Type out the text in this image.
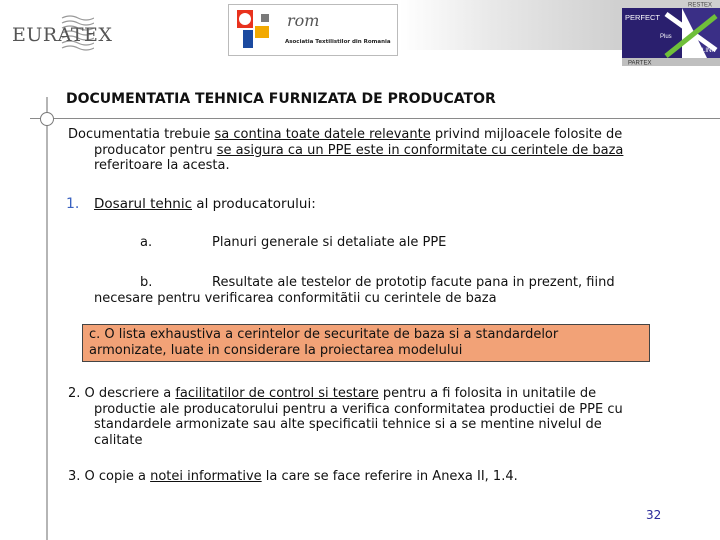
EURATEX
rom
Asociatia Textilistilor din Romania
RESTEX
PERFECT
Plus
LINK
PARTEX
DOCUMENTATIA TEHNICA FURNIZATA DE PRODUCATOR
Documentatia trebuie sa contina toate datele relevante privind mijloacele folosite de
producator pentru se asigura ca un PPE este in conformitate cu cerintele de baza
referitoare la acesta.
1. Dosarul tehnic al producatorului:
a.	Planuri generale si detaliate ale PPE
b.	Resultate ale testelor de prototip facute pana in prezent, fiind
necesare pentru verificarea conformitãtii cu cerintele de baza
c. O lista exhaustiva a cerintelor de securitate de baza si a standardelor
armonizate, luate in considerare la proiectarea modelului
2. O descriere a facilitatilor de control si testare pentru a fi folosita in unitatile de
productie ale producatorului pentru a verifica conformitatea productiei de PPE cu
standardele armonizate sau alte specificatii tehnice si a se mentine nivelul de
calitate
3. O copie a notei informative la care se face referire in Anexa II, 1.4.
32
